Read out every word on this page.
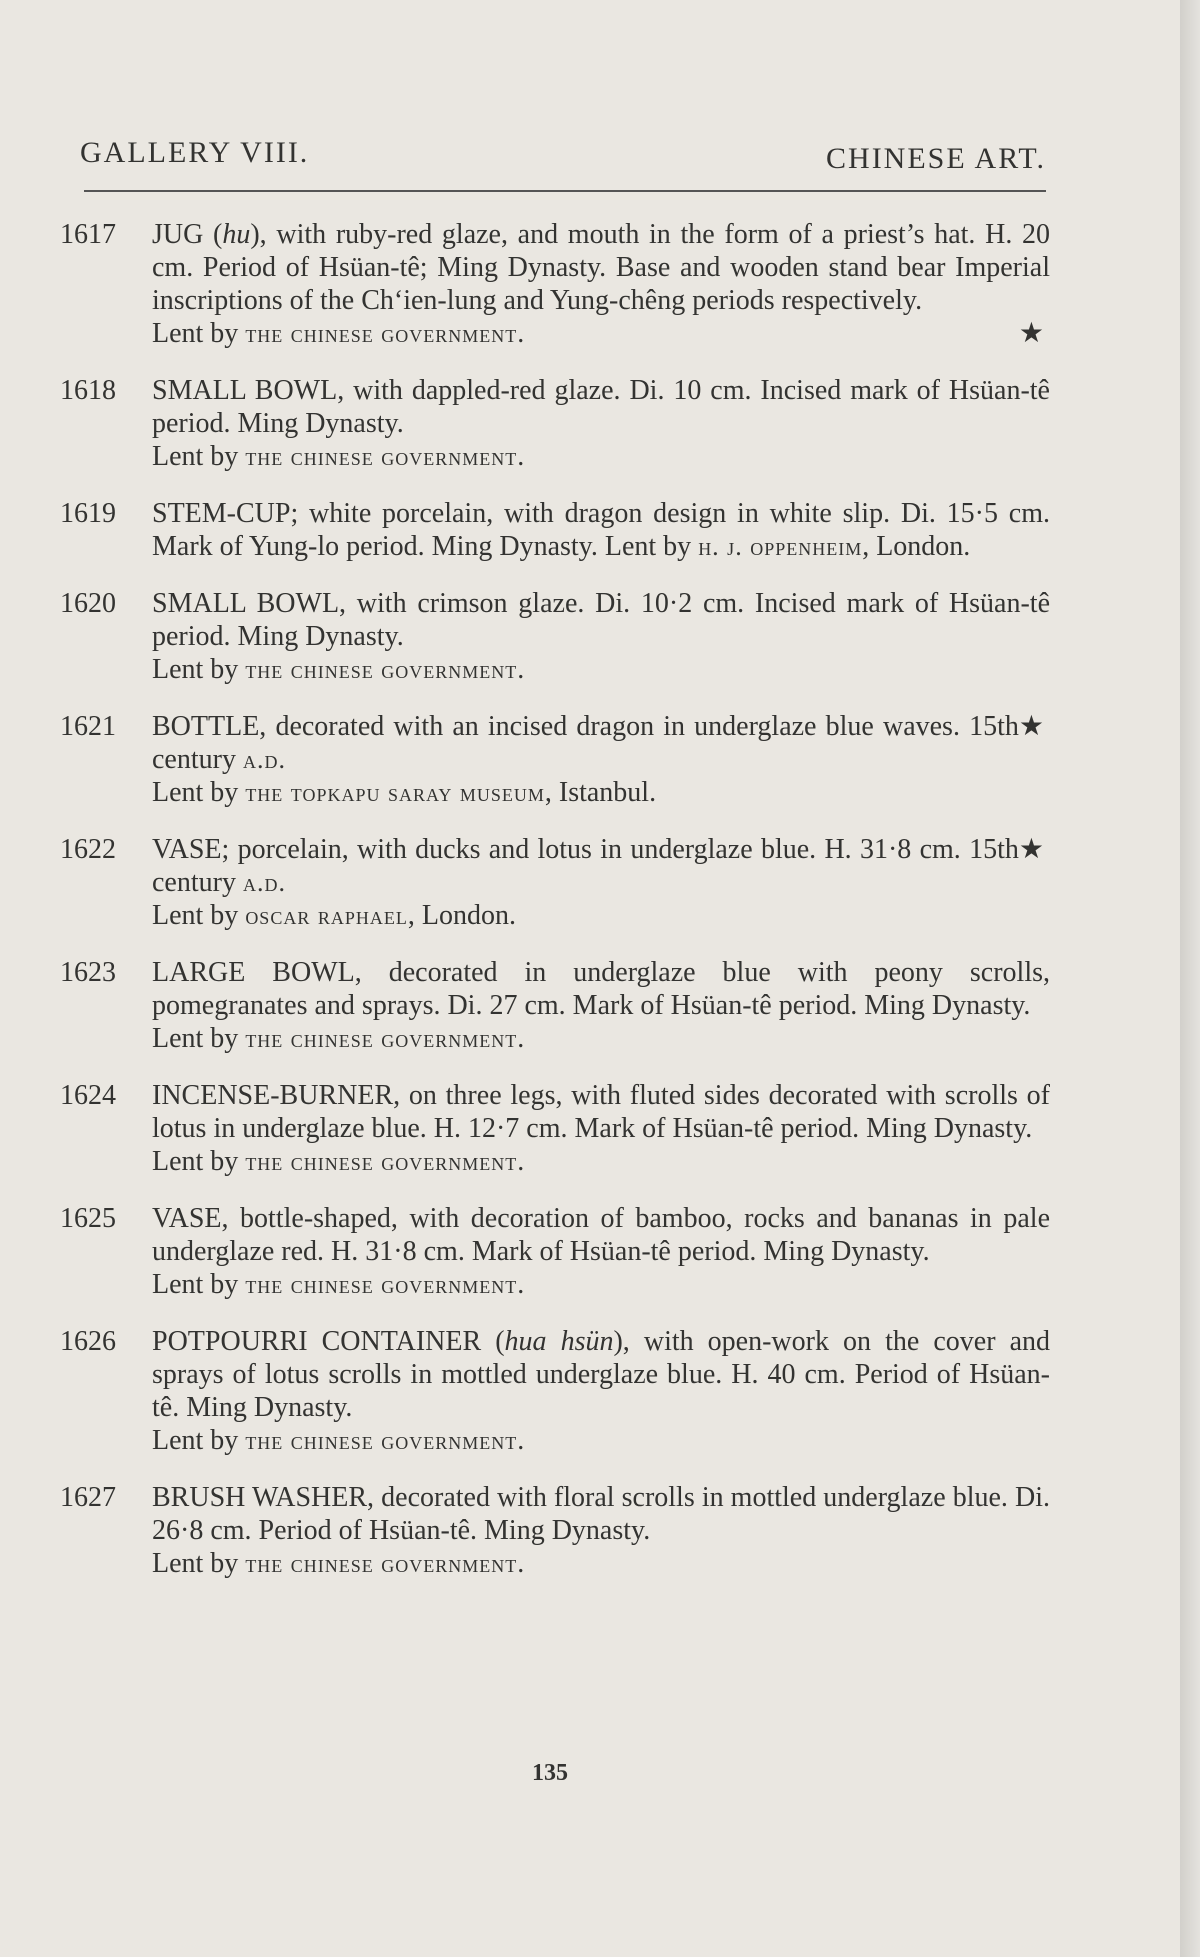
GALLERY VIII.	CHINESE ART.
1617	JUG (hu), with ruby-red glaze, and mouth in the form of a priest’s hat. H. 20 cm. Period of Hsüan-tê; Ming Dynasty. Base and wooden stand bear Imperial inscriptions of the Ch‘ien-lung and Yung-chêng periods respectively.

Lent by the chinese government.	★
1618	SMALL BOWL, with dappled-red glaze. Di. 10 cm. Incised mark of Hsüan-tê period. Ming Dynasty.

Lent by the chinese government.

1619	STEM-CUP; white porcelain, with dragon design in white slip. Di. 15·5 cm. Mark of Yung-lo period. Ming Dynasty. Lent by h. j. oppenheim, London.

1620	SMALL BOWL, with crimson glaze. Di. 10·2 cm. Incised mark of Hsüan-tê period. Ming Dynasty.

Lent by the chinese government.

1621	BOTTLE, decorated with an incised dragon in underglaze blue waves. 15th century a.d.
★

Lent by the topkapu saray museum, Istanbul.

1622	VASE; porcelain, with ducks and lotus in underglaze blue. H. 31·8 cm. 15th century a.d.
★

Lent by oscar raphael, London.

1623	LARGE BOWL, decorated in underglaze blue with peony scrolls, pomegranates and sprays. Di. 27 cm. Mark of Hsüan-tê period. Ming Dynasty.

Lent by the chinese government.

1624	INCENSE-BURNER, on three legs, with fluted sides decorated with scrolls of lotus in underglaze blue. H. 12·7 cm. Mark of Hsüan-tê period. Ming Dynasty.

Lent by the chinese government.

1625	VASE, bottle-shaped, with decoration of bamboo, rocks and bananas in pale underglaze red. H. 31·8 cm. Mark of Hsüan-tê period. Ming Dynasty.

Lent by the chinese government.

1626	POTPOURRI CONTAINER (hua hsün), with open-work on the cover and sprays of lotus scrolls in mottled underglaze blue. H. 40 cm. Period of Hsüan-tê. Ming Dynasty.

Lent by the chinese government.

1627	BRUSH WASHER, decorated with floral scrolls in mottled underglaze blue. Di. 26·8 cm. Period of Hsüan-tê. Ming Dynasty.

Lent by the chinese government.

135
